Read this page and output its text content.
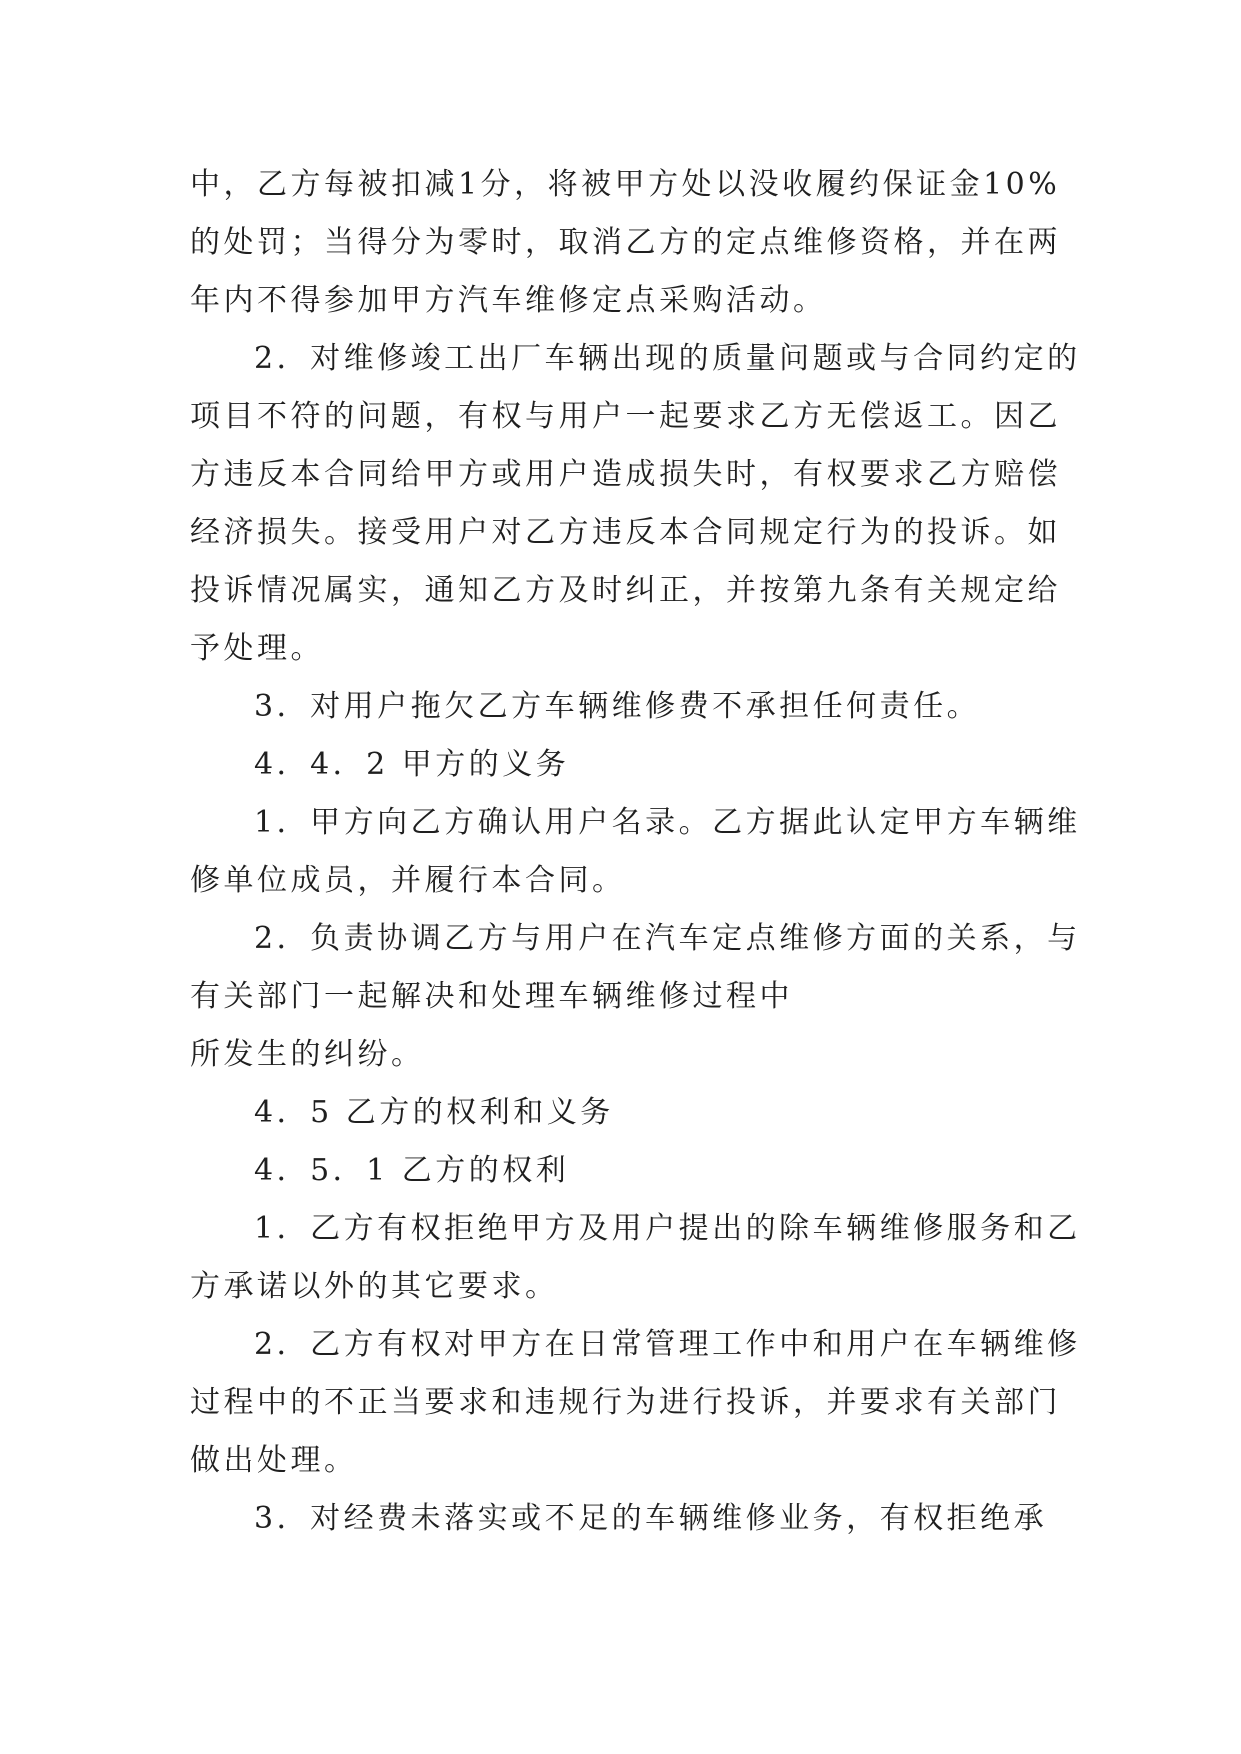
中，乙方每被扣减1分，将被甲方处以没收履约保证金10%的处罚；当得分为零时，取消乙方的定点维修资格，并在两年内不得参加甲方汽车维修定点采购活动。

2．对维修竣工出厂车辆出现的质量问题或与合同约定的项目不符的问题，有权与用户一起要求乙方无偿返工。因乙方违反本合同给甲方或用户造成损失时，有权要求乙方赔偿经济损失。接受用户对乙方违反本合同规定行为的投诉。如投诉情况属实，通知乙方及时纠正，并按第九条有关规定给予处理。

3．对用户拖欠乙方车辆维修费不承担任何责任。

4．4．2 甲方的义务

1．甲方向乙方确认用户名录。乙方据此认定甲方车辆维修单位成员，并履行本合同。

2．负责协调乙方与用户在汽车定点维修方面的关系，与有关部门一起解决和处理车辆维修过程中

所发生的纠纷。

4．5 乙方的权利和义务

4．5．1 乙方的权利

1．乙方有权拒绝甲方及用户提出的除车辆维修服务和乙方承诺以外的其它要求。

2．乙方有权对甲方在日常管理工作中和用户在车辆维修过程中的不正当要求和违规行为进行投诉，并要求有关部门做出处理。

3．对经费未落实或不足的车辆维修业务，有权拒绝承
